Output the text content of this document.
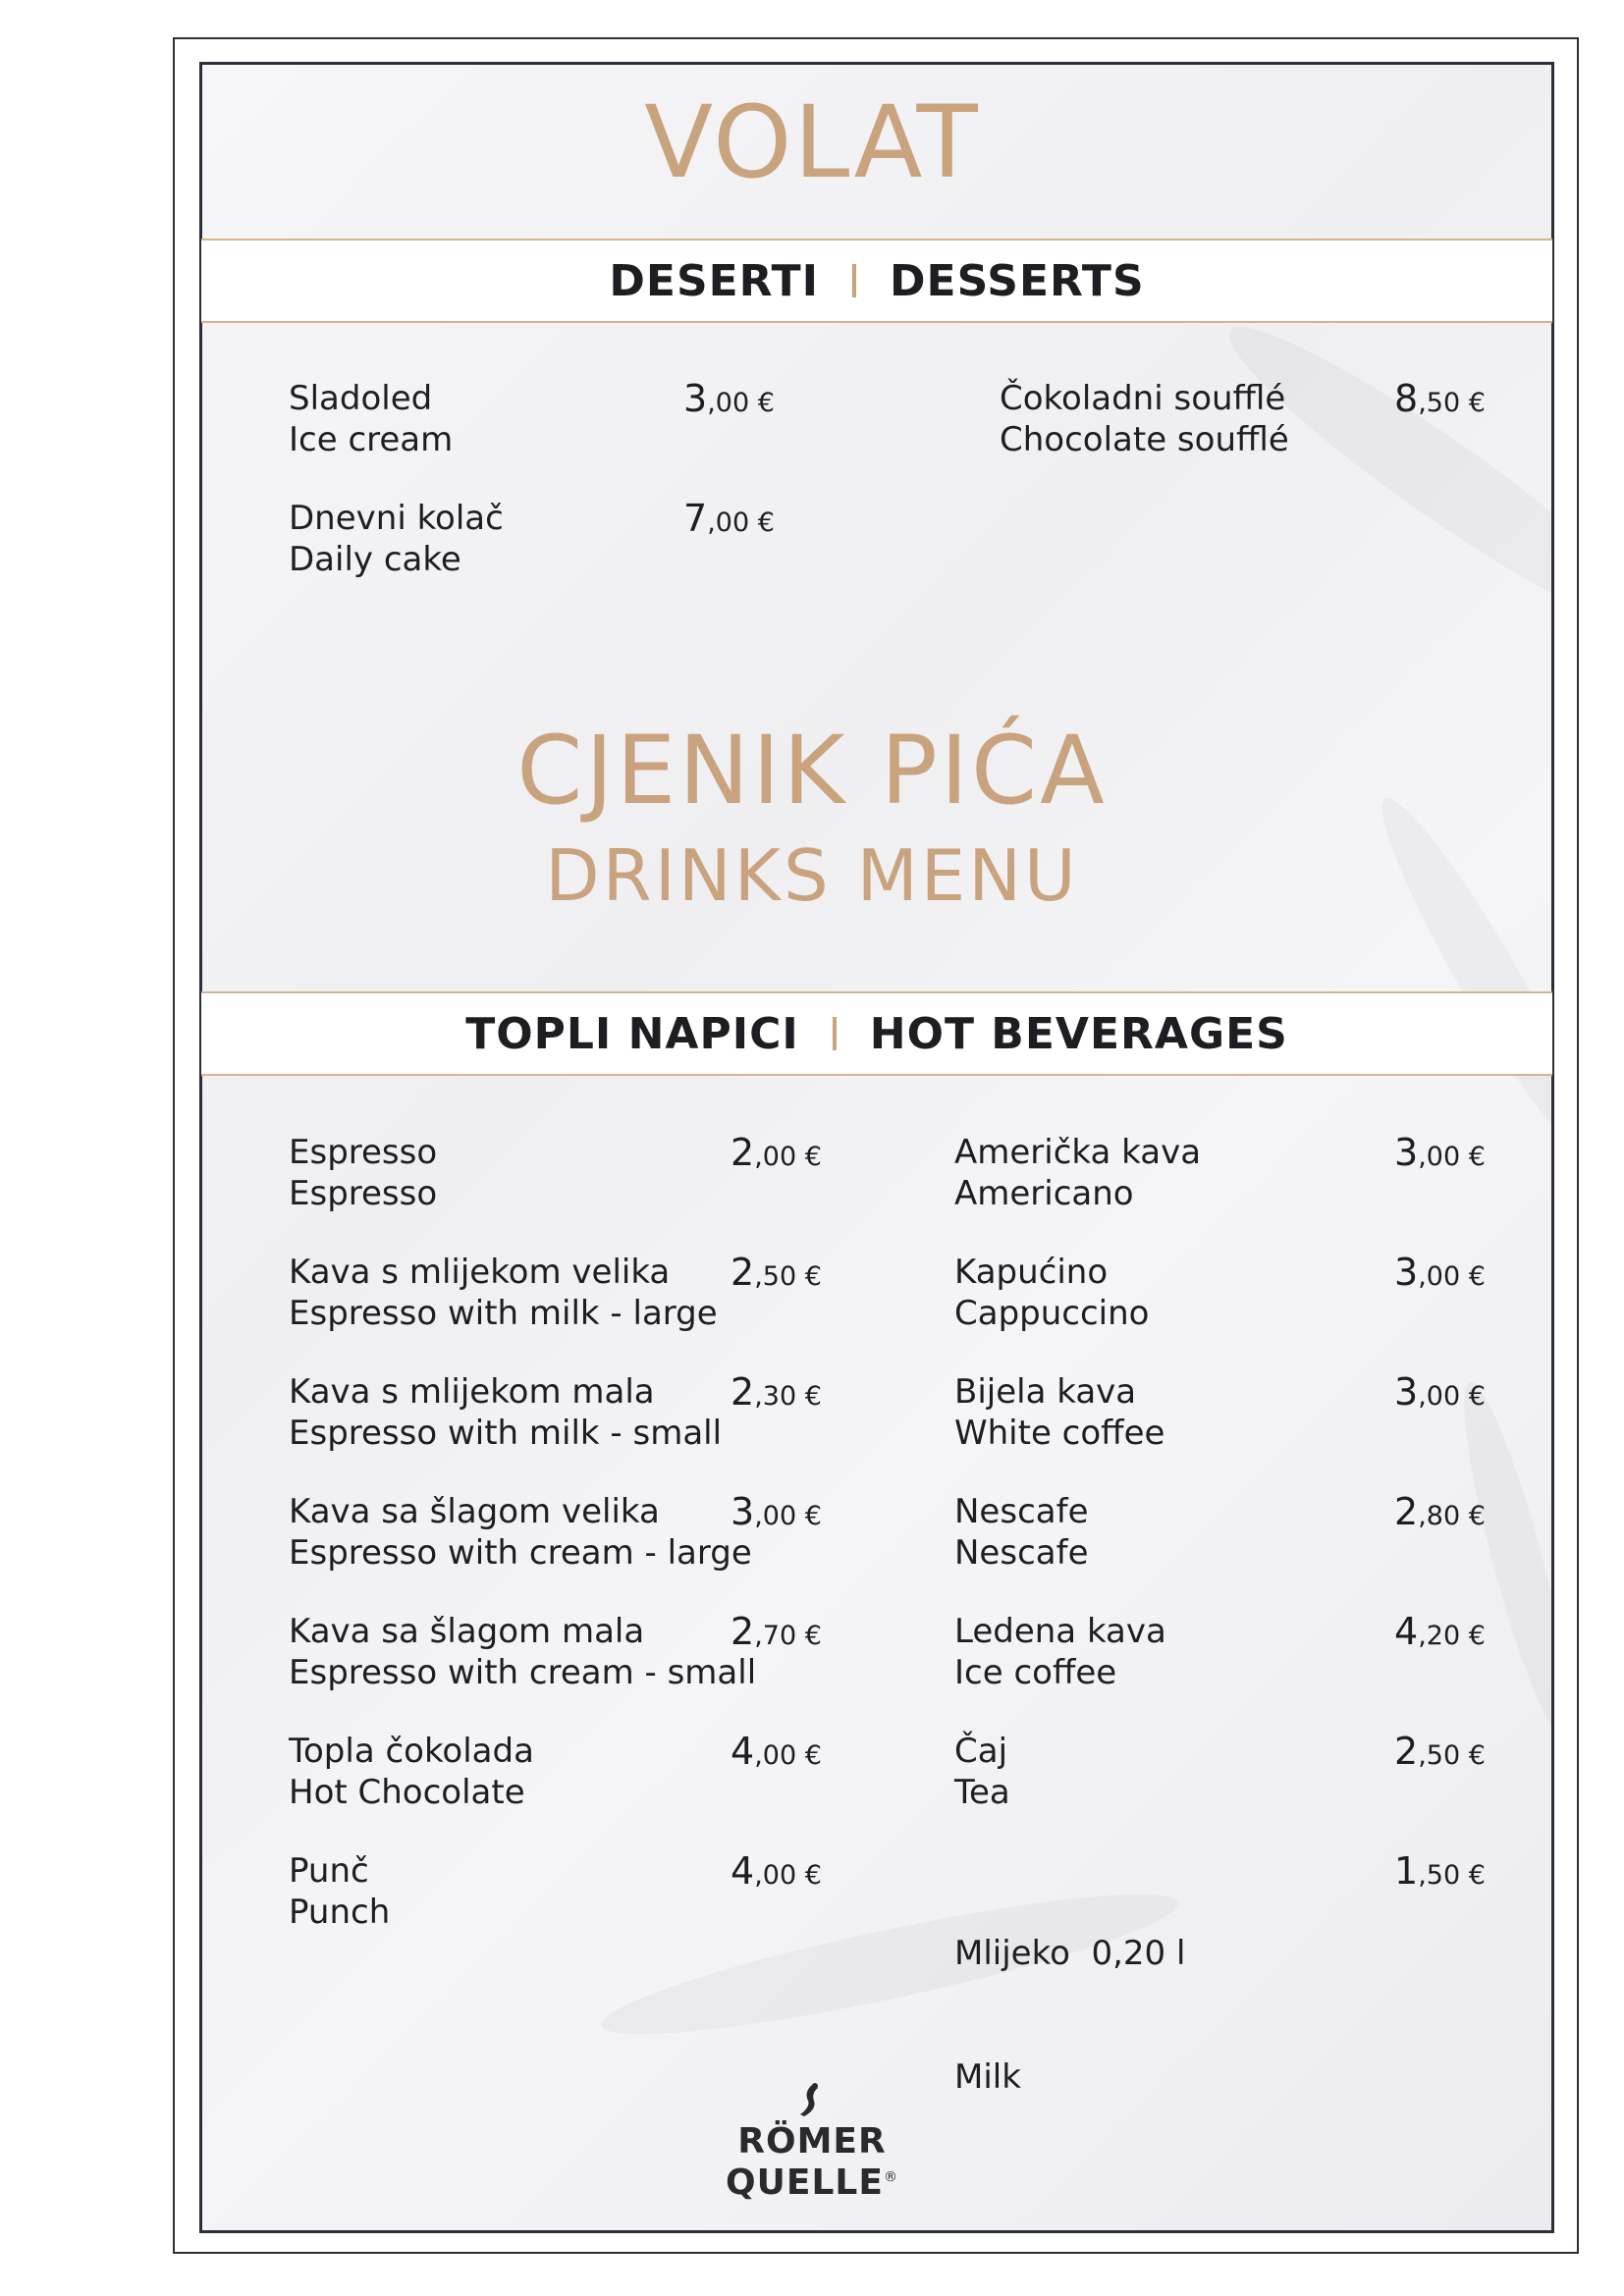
VOLAT
DESERTI DESSERTS
Sladoled
Ice cream
3,00 €
Dnevni kolač
Daily cake
7,00 €
Čokoladni soufflé
Chocolate soufflé
8,50 €
CJENIK PIĆA
DRINKS MENU
TOPLI NAPICI HOT BEVERAGES
Espresso
Espresso
2,00 €
Kava s mlijekom velika
Espresso with milk - large
2,50 €
Kava s mlijekom mala
Espresso with milk - small
2,30 €
Kava sa šlagom velika
Espresso with cream - large
3,00 €
Kava sa šlagom mala
Espresso with cream - small
2,70 €
Topla čokolada
Hot Chocolate
4,00 €
Punč
Punch
4,00 €
Američka kava
Americano
3,00 €
Kapućino
Cappuccino
3,00 €
Bijela kava
White coffee
3,00 €
Nescafe
Nescafe
2,80 €
Ledena kava
Ice coffee
4,20 €
Čaj
Tea
2,50 €

Mlijeko  0,20 l

Milk

1,50 €
RÖMER
QUELLE®
